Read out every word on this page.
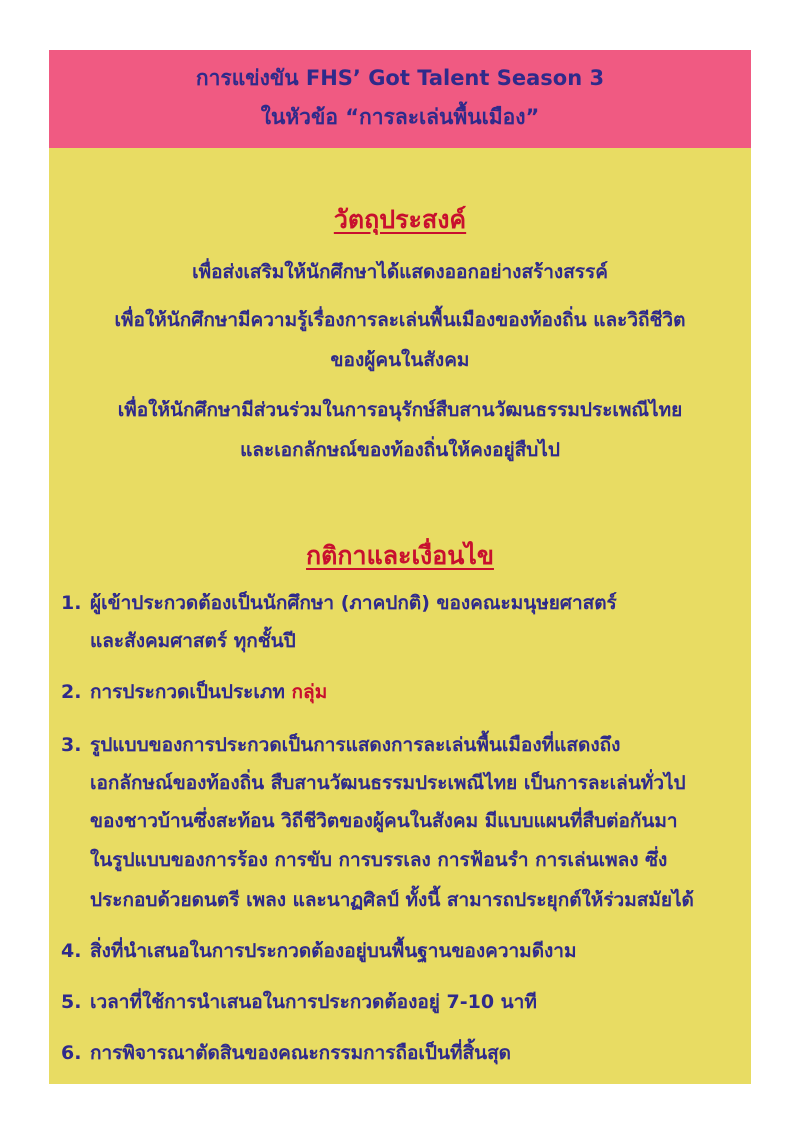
การแข่งขัน FHS’ Got Talent Season 3
ในหัวข้อ “การละเล่นพื้นเมือง”
วัตถุประสงค์
เพื่อส่งเสริมให้นักศึกษาได้แสดงออกอย่างสร้างสรรค์
เพื่อให้นักศึกษามีความรู้เรื่องการละเล่นพื้นเมืองของท้องถิ่น และวิถีชีวิต
ของผู้คนในสังคม
เพื่อให้นักศึกษามีส่วนร่วมในการอนุรักษ์สืบสานวัฒนธรรมประเพณีไทย
และเอกลักษณ์ของท้องถิ่นให้คงอยู่สืบไป
กติกาและเงื่อนไข
1. ผู้เข้าประกวดต้องเป็นนักศึกษา (ภาคปกติ) ของคณะมนุษยศาสตร์
และสังคมศาสตร์ ทุกชั้นปี
2. การประกวดเป็นประเภท กลุ่ม
3. รูปแบบของการประกวดเป็นการแสดงการละเล่นพื้นเมืองที่แสดงถึง
เอกลักษณ์ของท้องถิ่น สืบสานวัฒนธรรมประเพณีไทย เป็นการละเล่นทั่วไป
ของชาวบ้านซึ่งสะท้อน วิถีชีวิตของผู้คนในสังคม มีแบบแผนที่สืบต่อกันมา
ในรูปแบบของการร้อง การขับ การบรรเลง การฟ้อนรำ การเล่นเพลง ซึ่ง
ประกอบด้วยดนตรี เพลง และนาฏศิลป์ ทั้งนี้ สามารถประยุกต์ให้ร่วมสมัยได้
4. สิ่งที่นำเสนอในการประกวดต้องอยู่บนพื้นฐานของความดีงาม
5. เวลาที่ใช้การนำเสนอในการประกวดต้องอยู่ 7-10 นาที
6. การพิจารณาตัดสินของคณะกรรมการถือเป็นที่สิ้นสุด
